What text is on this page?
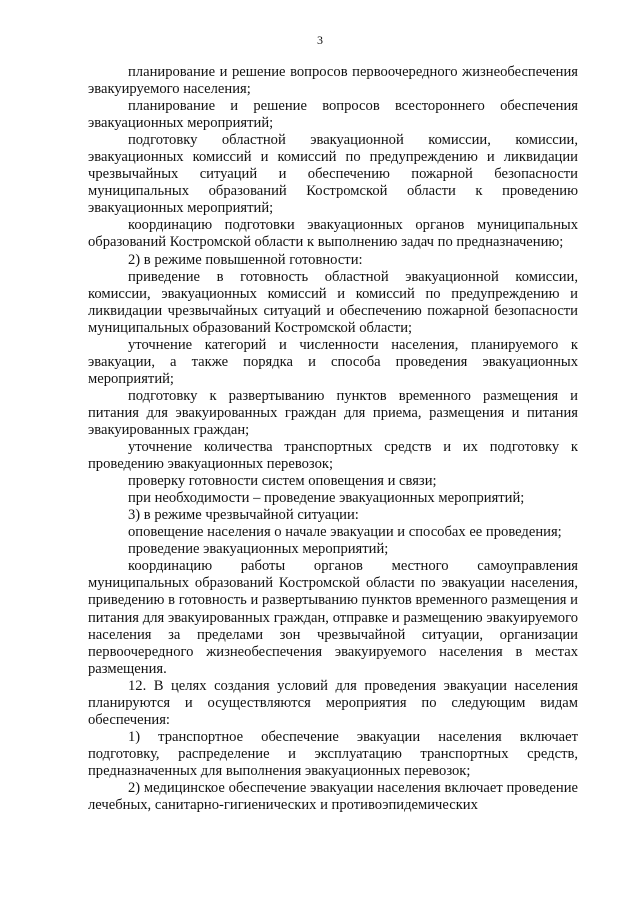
3

планирование и решение вопросов первоочередного жизнеобеспечения эвакуируемого населения;

планирование и решение вопросов всестороннего обеспечения эвакуационных мероприятий;

подготовку областной эвакуационной комиссии, комиссии, эвакуационных комиссий и комиссий по предупреждению и ликвидации чрезвычайных ситуаций и обеспечению пожарной безопасности муниципальных образований Костромской области к проведению эвакуационных мероприятий;

координацию подготовки эвакуационных органов муниципальных образований Костромской области к выполнению задач по предназначению;

2) в режиме повышенной готовности:

приведение в готовность областной эвакуационной комиссии, комиссии, эвакуационных комиссий и комиссий по предупреждению и ликвидации чрезвычайных ситуаций и обеспечению пожарной безопасности муниципальных образований Костромской области;

уточнение категорий и численности населения, планируемого к эвакуации, а также порядка и способа проведения эвакуационных мероприятий;

подготовку к развертыванию пунктов временного размещения и питания для эвакуированных граждан для приема, размещения и питания эвакуированных граждан;

уточнение количества транспортных средств и их подготовку к проведению эвакуационных перевозок;

проверку готовности систем оповещения и связи;

при необходимости – проведение эвакуационных мероприятий;

3) в режиме чрезвычайной ситуации:

оповещение населения о начале эвакуации и способах ее проведения;

проведение эвакуационных мероприятий;

координацию работы органов местного самоуправления муниципальных образований Костромской области по эвакуации населения, приведению в готовность и развертыванию пунктов временного размещения и питания для эвакуированных граждан, отправке и размещению эвакуируемого населения за пределами зон чрезвычайной ситуации, организации первоочередного жизнеобеспечения эвакуируемого населения в местах размещения.

12. В целях создания условий для проведения эвакуации населения планируются и осуществляются мероприятия по следующим видам обеспечения:

1) транспортное обеспечение эвакуации населения включает подготовку, распределение и эксплуатацию транспортных средств, предназначенных для выполнения эвакуационных перевозок;

2) медицинское обеспечение эвакуации населения включает проведение лечебных, санитарно-гигиенических и противоэпидемических
